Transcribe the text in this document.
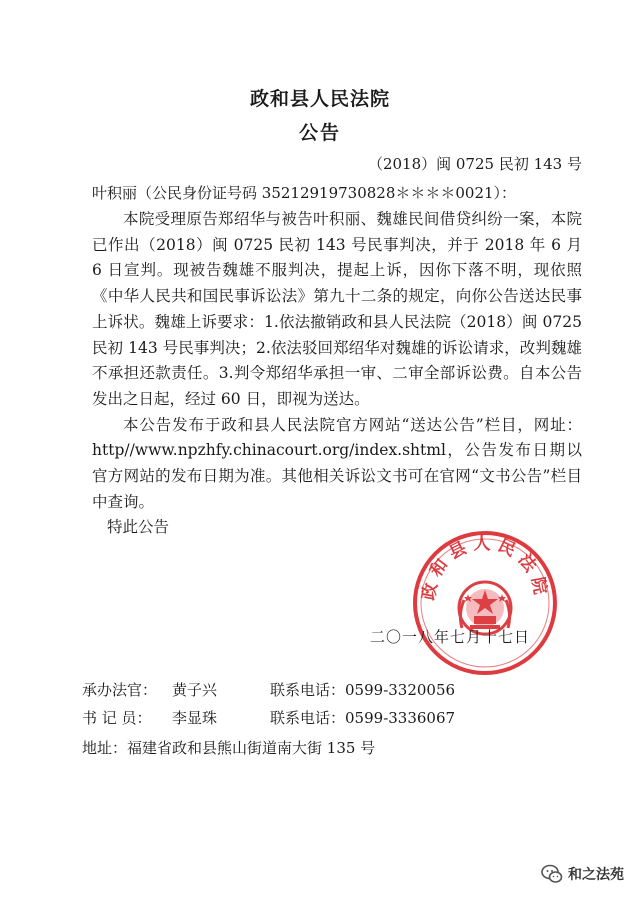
政和县人民法院
公告
（2018）闽 0725 民初 143 号
叶积丽（公民身份证号码 35212919730828＊＊＊＊0021）：

本院受理原告郑绍华与被告叶积丽、魏雄民间借贷纠纷一案，本院已作出（2018）闽 0725 民初 143 号民事判决，并于 2018 年 6 月 6 日宣判。现被告魏雄不服判决，提起上诉，因你下落不明，现依照《中华人民共和国民事诉讼法》第九十二条的规定，向你公告送达民事上诉状。魏雄上诉要求：1.依法撤销政和县人民法院（2018）闽 0725 民初 143 号民事判决；2.依法驳回郑绍华对魏雄的诉讼请求，改判魏雄不承担还款责任。3.判令郑绍华承担一审、二审全部诉讼费。自本公告发出之日起，经过 60 日，即视为送达。

本公告发布于政和县人民法院官方网站“送达公告”栏目，网址：http//www.npzhfy.chinacourt.org/index.shtml，公告发布日期以官方网站的发布日期为准。其他相关诉讼文书可在官网“文书公告”栏目中查询。

特此公告

政和县人民法院
二〇一八年七月十七日
承办法官： 黄子兴	联系电话：0599-3320056
书 记 员： 李显珠	联系电话：0599-3336067
地址：福建省政和县熊山街道南大街 135 号
和之法苑
